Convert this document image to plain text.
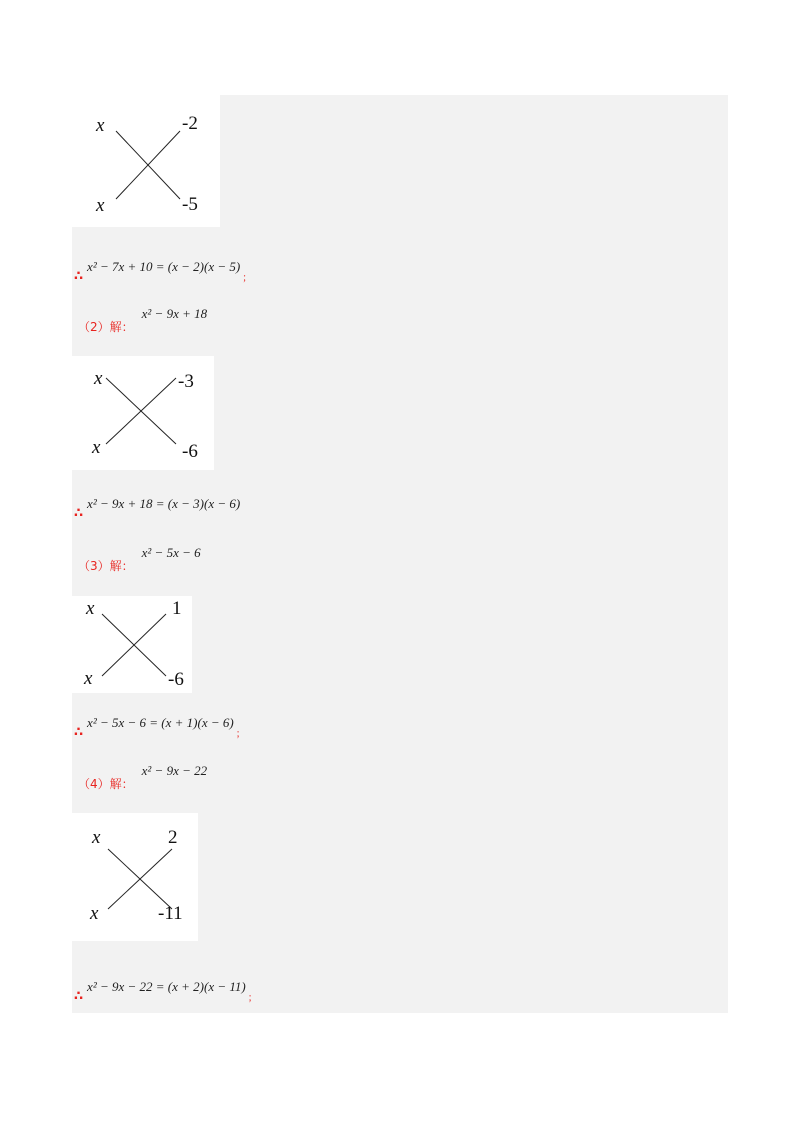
x
x
-2
-5
∴
x² − 7x + 10 = (x − 2)(x − 5)
；
（2）解：
x² − 9x + 18
x
x
-3
-6
∴
x² − 9x + 18 = (x − 3)(x − 6)
（3）解：
x² − 5x − 6
x
x
1
-6
∴
x² − 5x − 6 = (x + 1)(x − 6)
；
（4）解：
x² − 9x − 22
x
x
2
-11
∴
x² − 9x − 22 = (x + 2)(x − 11)
；
